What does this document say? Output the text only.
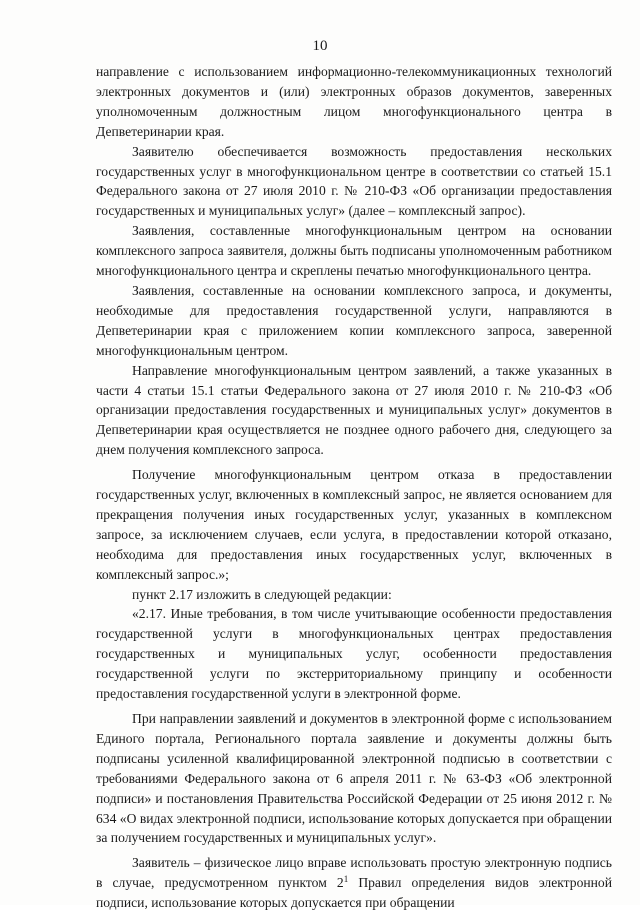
10

направление с использованием информационно-телекоммуникационных технологий электронных документов и (или) электронных образов документов, заверенных уполномоченным должностным лицом многофункционального центра в Депветеринарии края.

Заявителю обеспечивается возможность предоставления нескольких государственных услуг в многофункциональном центре в соответствии со статьей 15.1 Федерального закона от 27 июля 2010 г. № 210-ФЗ «Об организации предоставления государственных и муниципальных услуг» (далее – комплексный запрос).

Заявления, составленные многофункциональным центром на основании комплексного запроса заявителя, должны быть подписаны уполномоченным работником многофункционального центра и скреплены печатью многофункционального центра.

Заявления, составленные на основании комплексного запроса, и документы, необходимые для предоставления государственной услуги, направляются в Депветеринарии края с приложением копии комплексного запроса, заверенной многофункциональным центром.

Направление многофункциональным центром заявлений, а также указанных в части 4 статьи 15.1 статьи Федерального закона от 27 июля 2010 г. № 210-ФЗ «Об организации предоставления государственных и муниципальных услуг» документов в Депветеринарии края осуществляется не позднее одного рабочего дня, следующего за днем получения комплексного запроса.

Получение многофункциональным центром отказа в предоставлении государственных услуг, включенных в комплексный запрос, не является основанием для прекращения получения иных государственных услуг, указанных в комплексном запросе, за исключением случаев, если услуга, в предоставлении которой отказано, необходима для предоставления иных государственных услуг, включенных в комплексный запрос.»;

пункт 2.17 изложить в следующей редакции:

«2.17. Иные требования, в том числе учитывающие особенности предоставления государственной услуги в многофункциональных центрах предоставления государственных и муниципальных услуг, особенности предоставления государственной услуги по экстерриториальному принципу и особенности предоставления государственной услуги в электронной форме.

При направлении заявлений и документов в электронной форме с использованием Единого портала, Регионального портала заявление и документы должны быть подписаны усиленной квалифицированной электронной подписью в соответствии с требованиями Федерального закона от 6 апреля 2011 г. № 63-ФЗ «Об электронной подписи» и постановления Правительства Российской Федерации от 25 июня 2012 г. № 634 «О видах электронной подписи, использование которых допускается при обращении за получением государственных и муниципальных услуг».

Заявитель – физическое лицо вправе использовать простую электронную подпись в случае, предусмотренном пунктом $2^1$ Правил определения видов электронной подписи, использование которых допускается при обращении
